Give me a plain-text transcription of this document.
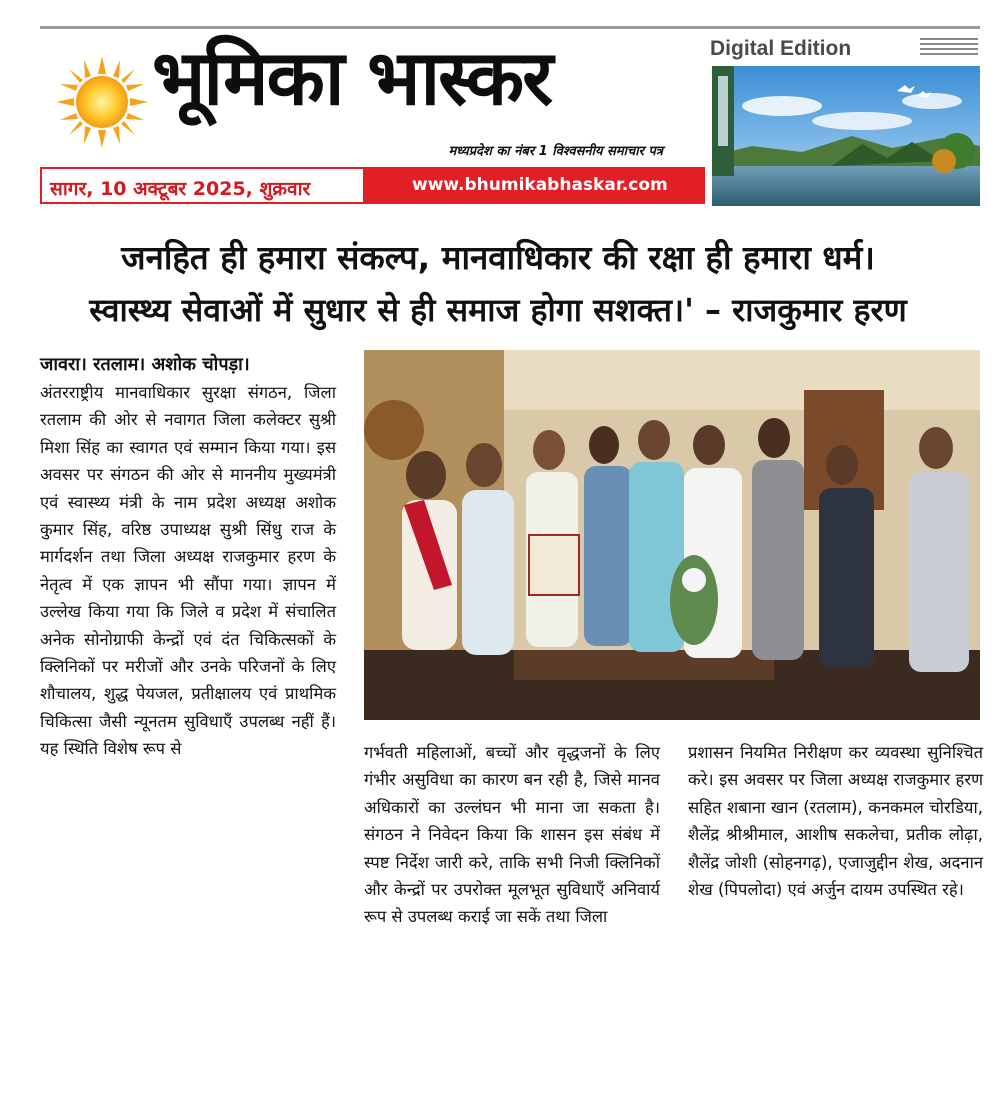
भूमिका भास्कर
मध्यप्रदेश का नंबर 1 विश्वसनीय समाचार पत्र
सागर, 10 अक्टूबर 2025, शुक्रवार	www.bhumikabhaskar.com
Digital Edition
जनहित ही हमारा संकल्प, मानवाधिकार की रक्षा ही हमारा धर्म।
स्वास्थ्य सेवाओं में सुधार से ही समाज होगा सशक्त।' – राजकुमार हरण

जावरा। रतलाम। अशोक चोपड़ा।

अंतरराष्ट्रीय मानवाधिकार सुरक्षा संगठन, जिला रतलाम की ओर से नवागत जिला कलेक्टर सुश्री मिशा सिंह का स्वागत एवं सम्मान किया गया। इस अवसर पर संगठन की ओर से माननीय मुख्यमंत्री एवं स्वास्थ्य मंत्री के नाम प्रदेश अध्यक्ष अशोक कुमार सिंह, वरिष्ठ उपाध्यक्ष सुश्री सिंधु राज के मार्गदर्शन तथा जिला अध्यक्ष राजकुमार हरण के नेतृत्व में एक ज्ञापन भी सौंपा गया। ज्ञापन में उल्लेख किया गया कि जिले व प्रदेश में संचालित अनेक सोनोग्राफी केन्द्रों एवं दंत चिकित्सकों के क्लिनिकों पर मरीजों और उनके परिजनों के लिए शौचालय, शुद्ध पेयजल, प्रतीक्षालय एवं प्राथमिक चिकित्सा जैसी न्यूनतम सुविधाएँ उपलब्ध नहीं हैं। यह स्थिति विशेष रूप से	गर्भवती महिलाओं, बच्चों और वृद्धजनों के लिए गंभीर असुविधा का कारण बन रही है, जिसे मानव अधिकारों का उल्लंघन भी माना जा सकता है। संगठन ने निवेदन किया कि शासन इस संबंध में स्पष्ट निर्देश जारी करे, ताकि सभी निजी क्लिनिकों और केन्द्रों पर उपरोक्त मूलभूत सुविधाएँ अनिवार्य रूप से उपलब्ध कराई जा सकें तथा जिला

प्रशासन नियमित निरीक्षण कर व्यवस्था सुनिश्चित करे। इस अवसर पर जिला अध्यक्ष राजकुमार हरण सहित शबाना खान (रतलाम), कनकमल चोरडिया, शैलेंद्र श्रीश्रीमाल, आशीष सकलेचा, प्रतीक लोढ़ा, शैलेंद्र जोशी (सोहनगढ़), एजाजुद्दीन शेख, अदनान शेख (पिपलोदा) एवं अर्जुन दायम उपस्थित रहे।
